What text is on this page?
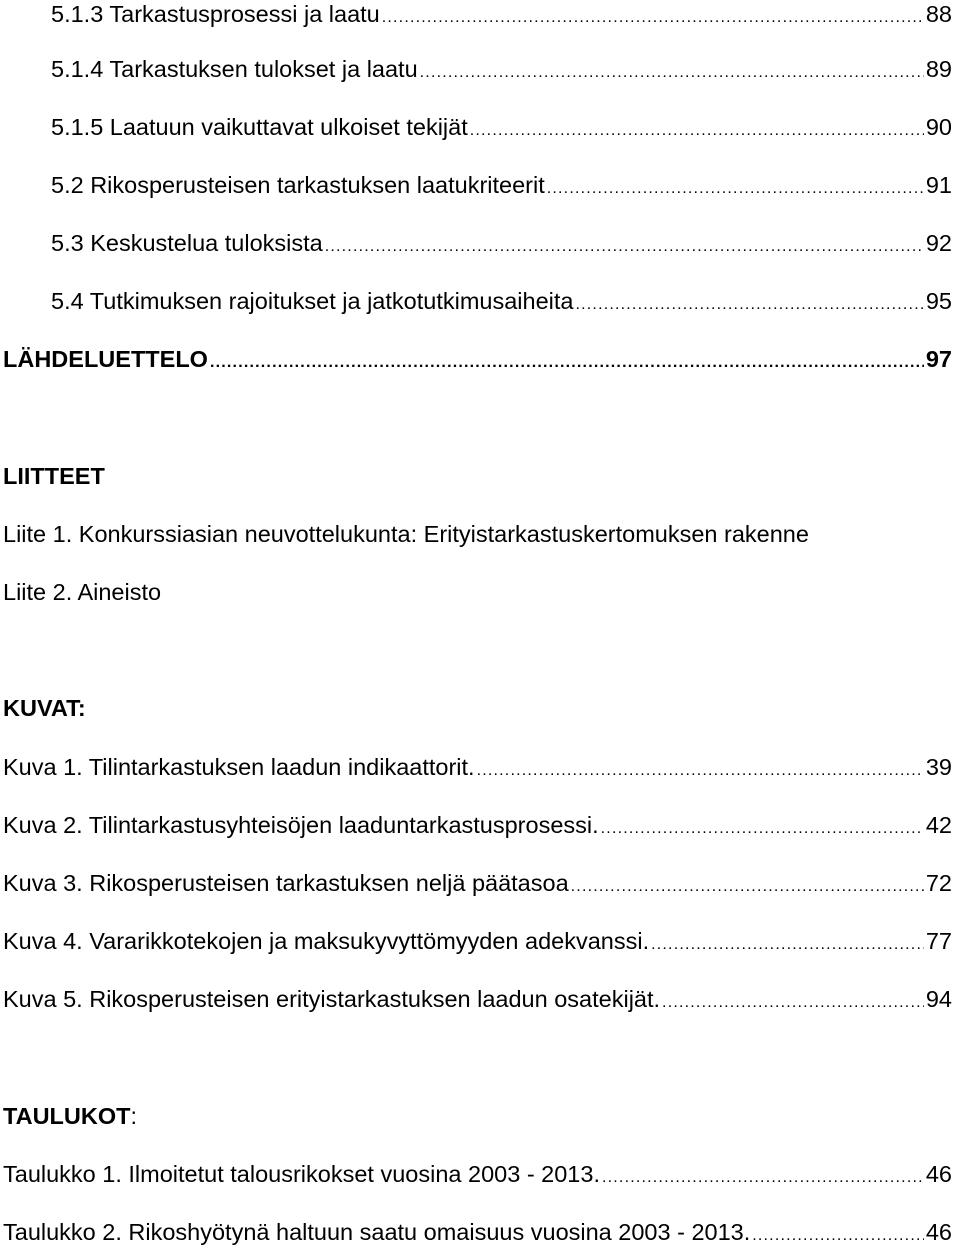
5.1.3 Tarkastusprosessi ja laatu .....	88
5.1.4 Tarkastuksen tulokset ja laatu .....	89
5.1.5 Laatuun vaikuttavat ulkoiset tekijät .....	90
5.2 Rikosperusteisen tarkastuksen laatukriteerit .....	91
5.3 Keskustelua tuloksista .....	92
5.4 Tutkimuksen rajoitukset ja jatkotutkimusaiheita .....	95
LÄHDELUETTELO .....	97
LIITTEET
Liite 1. Konkurssiasian neuvottelukunta: Erityistarkastuskertomuksen rakenne
Liite 2. Aineisto
KUVAT:
Kuva 1. Tilintarkastuksen laadun indikaattorit. .....	39
Kuva 2. Tilintarkastusyhteisöjen laaduntarkastusprosessi. .....	42
Kuva 3. Rikosperusteisen tarkastuksen neljä päätasoa .....	72
Kuva 4. Vararikkotekojen ja maksukyvyttömyyden adekvanssi. .....	77
Kuva 5. Rikosperusteisen erityistarkastuksen laadun osatekijät. .....	94
TAULUKOT:
Taulukko 1. Ilmoitetut talousrikokset vuosina 2003 - 2013. .....	46
Taulukko 2. Rikoshyötynä haltuun saatu omaisuus vuosina 2003 - 2013. .....	46
